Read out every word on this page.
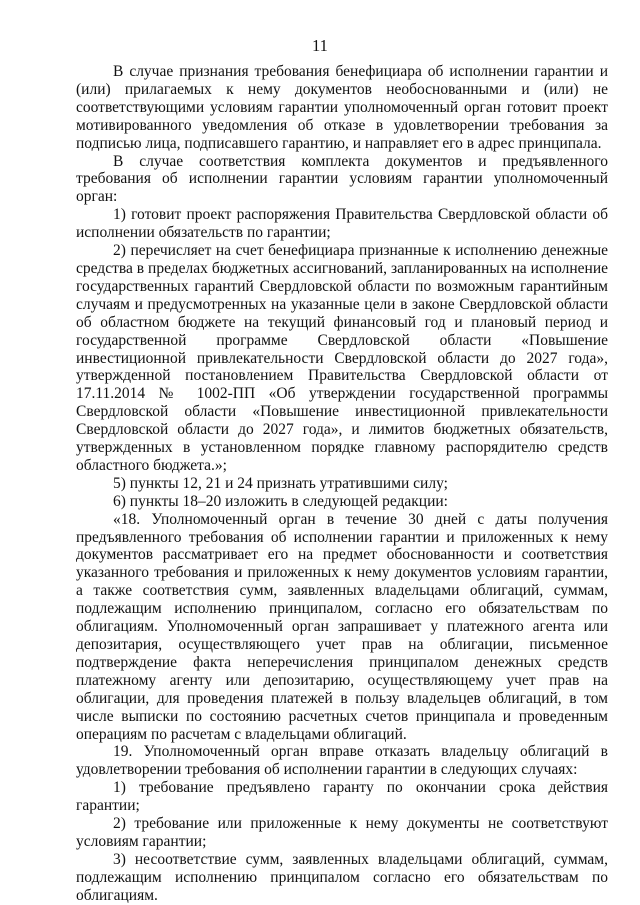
11

В случае признания требования бенефициара об исполнении гарантии и (или) прилагаемых к нему документов необоснованными и (или) не соответствующими условиям гарантии уполномоченный орган готовит проект мотивированного уведомления об отказе в удовлетворении требования за подписью лица, подписавшего гарантию, и направляет его в адрес принципала.

В случае соответствия комплекта документов и предъявленного требования об исполнении гарантии условиям гарантии уполномоченный орган:

1) готовит проект распоряжения Правительства Свердловской области об исполнении обязательств по гарантии;

2) перечисляет на счет бенефициара признанные к исполнению денежные средства в пределах бюджетных ассигнований, запланированных на исполнение государственных гарантий Свердловской области по возможным гарантийным случаям и предусмотренных на указанные цели в законе Свердловской области об областном бюджете на текущий финансовый год и плановый период и государственной программе Свердловской области «Повышение инвестиционной привлекательности Свердловской области до 2027 года», утвержденной постановлением Правительства Свердловской области от 17.11.2014 № 1002-ПП «Об утверждении государственной программы Свердловской области «Повышение инвестиционной привлекательности Свердловской области до 2027 года», и лимитов бюджетных обязательств, утвержденных в установленном порядке главному распорядителю средств областного бюджета.»;

5) пункты 12, 21 и 24 признать утратившими силу;

6) пункты 18–20 изложить в следующей редакции:

«18. Уполномоченный орган в течение 30 дней с даты получения предъявленного требования об исполнении гарантии и приложенных к нему документов рассматривает его на предмет обоснованности и соответствия указанного требования и приложенных к нему документов условиям гарантии, а также соответствия сумм, заявленных владельцами облигаций, суммам, подлежащим исполнению принципалом, согласно его обязательствам по облигациям. Уполномоченный орган запрашивает у платежного агента или депозитария, осуществляющего учет прав на облигации, письменное подтверждение факта неперечисления принципалом денежных средств платежному агенту или депозитарию, осуществляющему учет прав на облигации, для проведения платежей в пользу владельцев облигаций, в том числе выписки по состоянию расчетных счетов принципала и проведенным операциям по расчетам с владельцами облигаций.

19. Уполномоченный орган вправе отказать владельцу облигаций в удовлетворении требования об исполнении гарантии в следующих случаях:

1) требование предъявлено гаранту по окончании срока действия гарантии;

2) требование или приложенные к нему документы не соответствуют условиям гарантии;

3) несоответствие сумм, заявленных владельцами облигаций, суммам, подлежащим исполнению принципалом согласно его обязательствам по облигациям.
